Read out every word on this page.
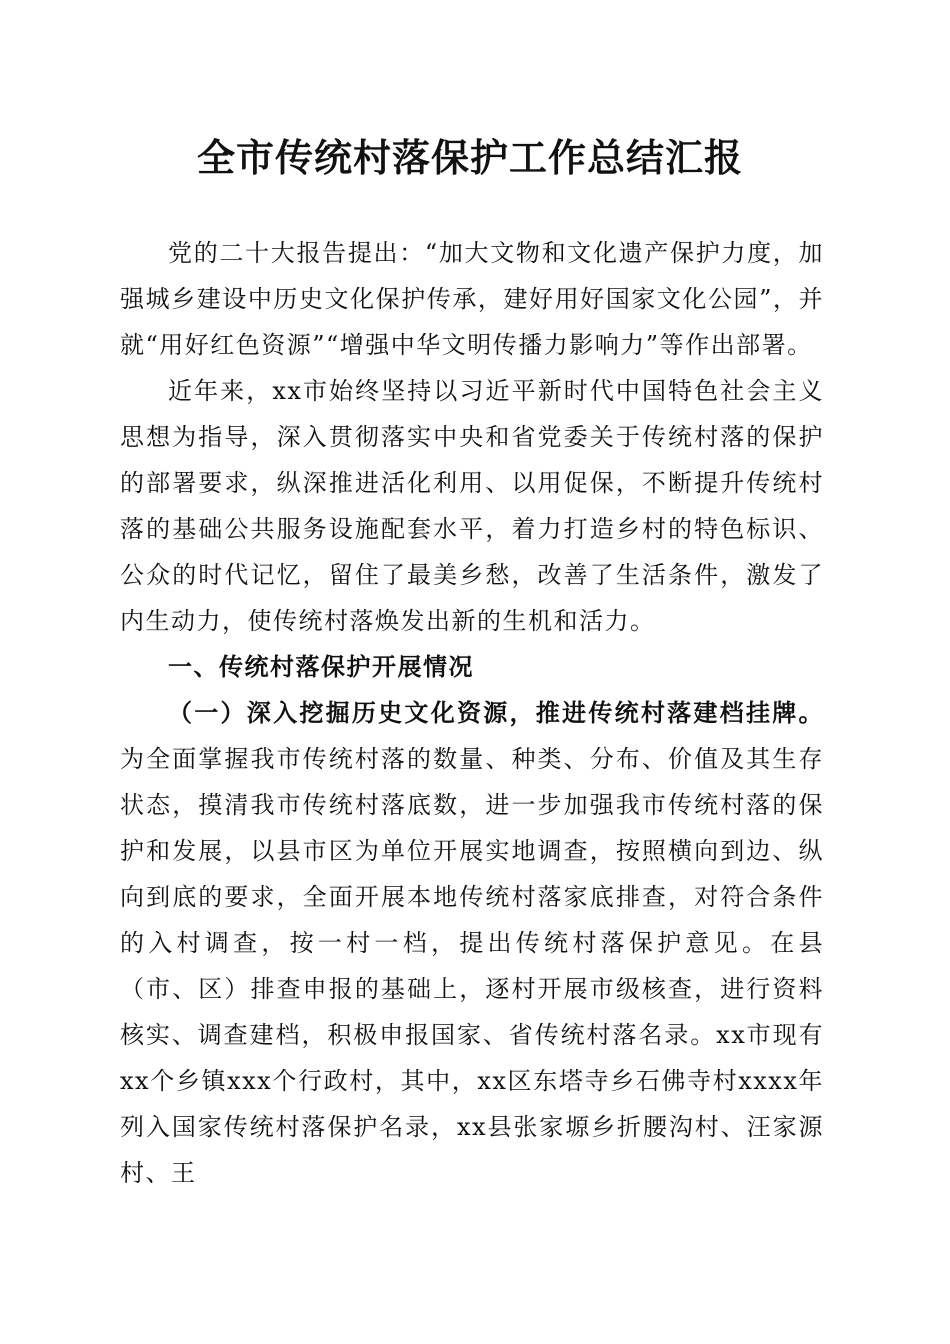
全市传统村落保护工作总结汇报

党的二十大报告提出：“加大文物和文化遗产保护力度，加强城乡建设中历史文化保护传承，建好用好国家文化公园”，并就“用好红色资源”“增强中华文明传播力影响力”等作出部署。

近年来，xx市始终坚持以习近平新时代中国特色社会主义思想为指导，深入贯彻落实中央和省党委关于传统村落的保护的部署要求，纵深推进活化利用、以用促保，不断提升传统村落的基础公共服务设施配套水平，着力打造乡村的特色标识、公众的时代记忆，留住了最美乡愁，改善了生活条件，激发了内生动力，使传统村落焕发出新的生机和活力。

一、传统村落保护开展情况

（一）深入挖掘历史文化资源，推进传统村落建档挂牌。为全面掌握我市传统村落的数量、种类、分布、价值及其生存状态，摸清我市传统村落底数，进一步加强我市传统村落的保护和发展，以县市区为单位开展实地调查，按照横向到边、纵向到底的要求，全面开展本地传统村落家底排查，对符合条件的入村调查，按一村一档，提出传统村落保护意见。在县（市、区）排查申报的基础上，逐村开展市级核查，进行资料核实、调查建档，积极申报国家、省传统村落名录。xx市现有xx个乡镇xxx个行政村，其中，xx区东塔寺乡石佛寺村xxxx年列入国家传统村落保护名录，xx县张家塬乡折腰沟村、汪家源村、王
